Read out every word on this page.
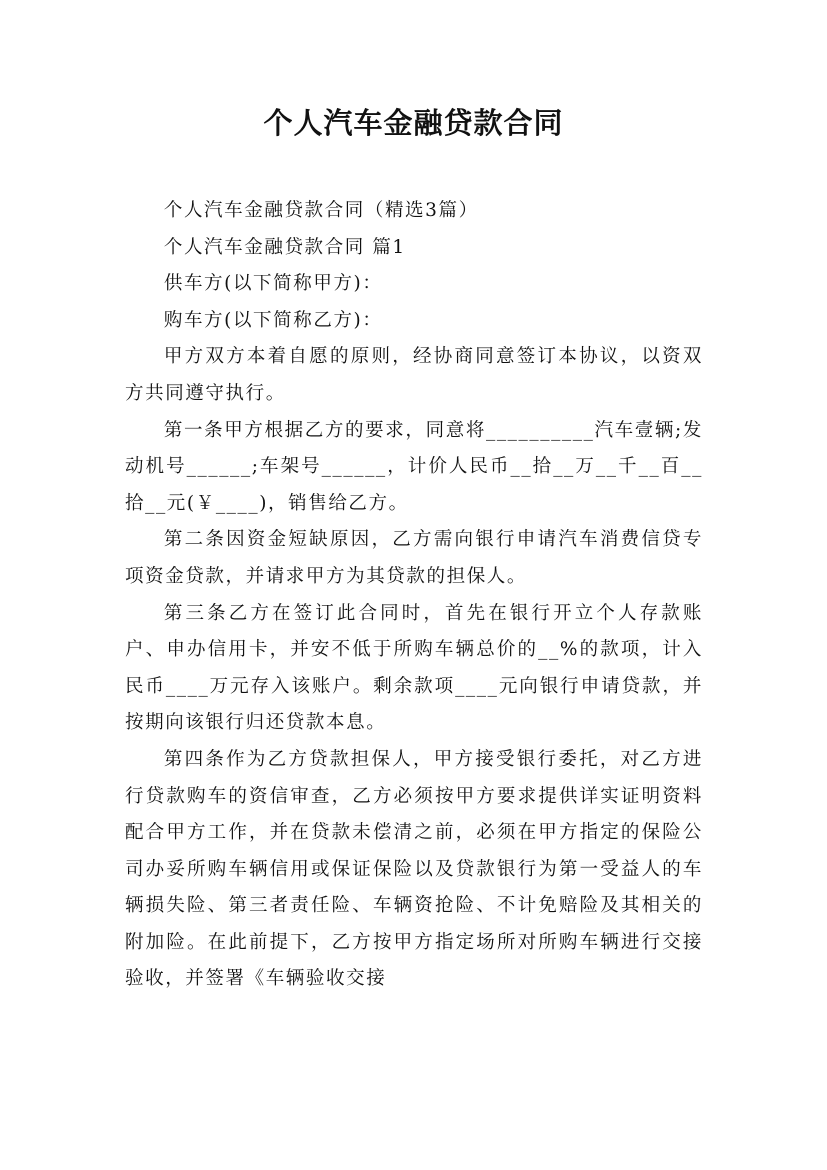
个人汽车金融贷款合同

个人汽车金融贷款合同（精选3篇）

个人汽车金融贷款合同 篇1

供车方(以下简称甲方)：

购车方(以下简称乙方)：

甲方双方本着自愿的原则，经协商同意签订本协议，以资双方共同遵守执行。

第一条甲方根据乙方的要求，同意将__________汽车壹辆;发动机号______;车架号______，计价人民币__拾__万__千__百__拾__元(￥____)，销售给乙方。

第二条因资金短缺原因，乙方需向银行申请汽车消费信贷专项资金贷款，并请求甲方为其贷款的担保人。

第三条乙方在签订此合同时，首先在银行开立个人存款账户、申办信用卡，并安不低于所购车辆总价的__%的款项，计入民币____万元存入该账户。剩余款项____元向银行申请贷款，并按期向该银行归还贷款本息。

第四条作为乙方贷款担保人，甲方接受银行委托，对乙方进行贷款购车的资信审查，乙方必须按甲方要求提供详实证明资料配合甲方工作，并在贷款未偿清之前，必须在甲方指定的保险公司办妥所购车辆信用或保证保险以及贷款银行为第一受益人的车辆损失险、第三者责任险、车辆资抢险、不计免赔险及其相关的附加险。在此前提下，乙方按甲方指定场所对所购车辆进行交接验收，并签署《车辆验收交接
